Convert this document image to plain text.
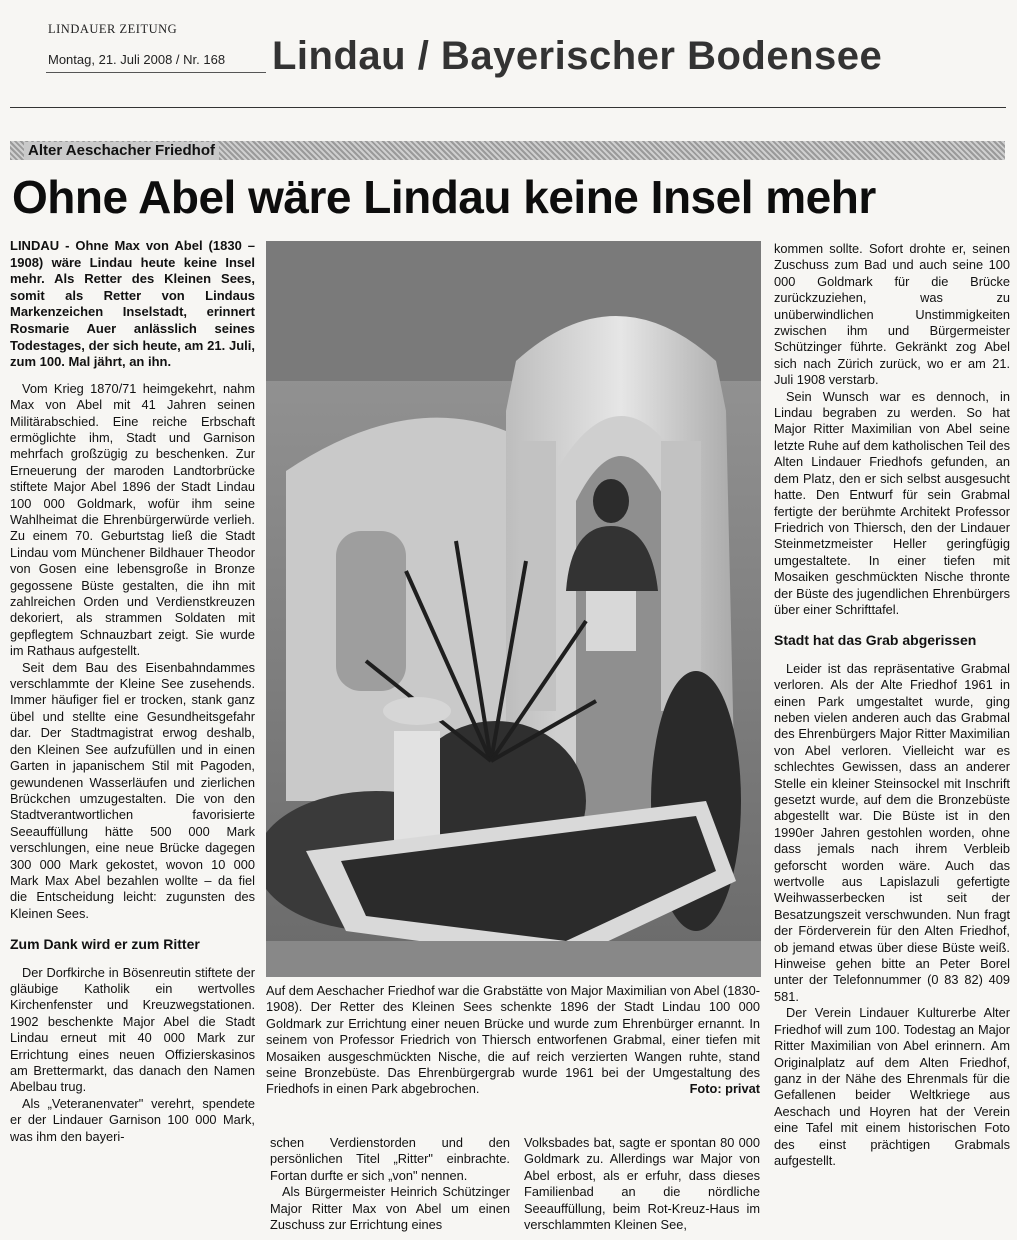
LINDAUER ZEITUNG
Montag, 21. Juli 2008 / Nr. 168 Lindau / Bayerischer Bodensee
Alter Aeschacher Friedhof
Ohne Abel wäre Lindau keine Insel mehr

LINDAU - Ohne Max von Abel (1830 – 1908) wäre Lindau heute keine Insel mehr. Als Retter des Kleinen Sees, somit als Retter von Lindaus Markenzeichen Inselstadt, erinnert Rosmarie Auer anlässlich seines Todestages, der sich heute, am 21. Juli, zum 100. Mal jährt, an ihn.

Vom Krieg 1870/71 heimgekehrt, nahm Max von Abel mit 41 Jahren seinen Militärabschied. Eine reiche Erbschaft ermöglichte ihm, Stadt und Garnison mehrfach großzügig zu beschenken. Zur Erneuerung der maroden Landtorbrücke stiftete Major Abel 1896 der Stadt Lindau 100 000 Goldmark, wofür ihm seine Wahlheimat die Ehrenbürgerwürde verlieh. Zu einem 70. Geburtstag ließ die Stadt Lindau vom Münchener Bildhauer Theodor von Gosen eine lebensgroße in Bronze gegossene Büste gestalten, die ihn mit zahlreichen Orden und Verdienstkreuzen dekoriert, als strammen Soldaten mit gepflegtem Schnauzbart zeigt. Sie wurde im Rathaus aufgestellt.

Seit dem Bau des Eisenbahndammes verschlammte der Kleine See zusehends. Immer häufiger fiel er trocken, stank ganz übel und stellte eine Gesundheitsgefahr dar. Der Stadtmagistrat erwog deshalb, den Kleinen See aufzufüllen und in einen Garten in japanischem Stil mit Pagoden, gewundenen Wasserläufen und zierlichen Brückchen umzugestalten. Die von den Stadtverantwortlichen favorisierte Seeauffüllung hätte 500 000 Mark verschlungen, eine neue Brücke dagegen 300 000 Mark gekostet, wovon 10 000 Mark Max Abel bezahlen wollte – da fiel die Entscheidung leicht: zugunsten des Kleinen Sees.

Zum Dank wird er zum Ritter

Der Dorfkirche in Bösenreutin stiftete der gläubige Katholik ein wertvolles Kirchenfenster und Kreuzwegstationen. 1902 beschenkte Major Abel die Stadt Lindau erneut mit 40 000 Mark zur Errichtung eines neuen Offizierskasinos am Brettermarkt, das danach den Namen Abelbau trug.

Als „Veteranenvater" verehrt, spendete er der Lindauer Garnison 100 000 Mark, was ihm den bayeri-

Auf dem Aeschacher Friedhof war die Grabstätte von Major Maximilian von Abel (1830-1908). Der Retter des Kleinen Sees schenkte 1896 der Stadt Lindau 100 000 Goldmark zur Errichtung einer neuen Brücke und wurde zum Ehrenbürger ernannt. In seinem von Professor Friedrich von Thiersch entworfenen Grabmal, einer tiefen mit Mosaiken ausgeschmückten Nische, die auf reich verzierten Wangen ruhte, stand seine Bronzebüste. Das Ehrenbürgergrab wurde 1961 bei der Umgestaltung des Friedhofs in einen Park abgebrochen.	Foto: privat

schen Verdienstorden und den persönlichen Titel „Ritter" einbrachte. Fortan durfte er sich „von" nennen.

Als Bürgermeister Heinrich Schützinger Major Ritter Max von Abel um einen Zuschuss zur Errichtung eines

Volksbades bat, sagte er spontan 80 000 Goldmark zu. Allerdings war Major von Abel erbost, als er erfuhr, dass dieses Familienbad an die nördliche Seeauffüllung, beim Rot-Kreuz-Haus im verschlammten Kleinen See,

kommen sollte. Sofort drohte er, seinen Zuschuss zum Bad und auch seine 100 000 Goldmark für die Brücke zurückzuziehen, was zu unüberwindlichen Unstimmigkeiten zwischen ihm und Bürgermeister Schützinger führte. Gekränkt zog Abel sich nach Zürich zurück, wo er am 21. Juli 1908 verstarb.

Sein Wunsch war es dennoch, in Lindau begraben zu werden. So hat Major Ritter Maximilian von Abel seine letzte Ruhe auf dem katholischen Teil des Alten Lindauer Friedhofs gefunden, an dem Platz, den er sich selbst ausgesucht hatte. Den Entwurf für sein Grabmal fertigte der berühmte Architekt Professor Friedrich von Thiersch, den der Lindauer Steinmetzmeister Heller geringfügig umgestaltete. In einer tiefen mit Mosaiken geschmückten Nische thronte der Büste des jugendlichen Ehrenbürgers über einer Schrifttafel.

Stadt hat das Grab abgerissen

Leider ist das repräsentative Grabmal verloren. Als der Alte Friedhof 1961 in einen Park umgestaltet wurde, ging neben vielen anderen auch das Grabmal des Ehrenbürgers Major Ritter Maximilian von Abel verloren. Vielleicht war es schlechtes Gewissen, dass an anderer Stelle ein kleiner Steinsockel mit Inschrift gesetzt wurde, auf dem die Bronzebüste abgestellt war. Die Büste ist in den 1990er Jahren gestohlen worden, ohne dass jemals nach ihrem Verbleib geforscht worden wäre. Auch das wertvolle aus Lapislazuli gefertigte Weihwasserbecken ist seit der Besatzungszeit verschwunden. Nun fragt der Förderverein für den Alten Friedhof, ob jemand etwas über diese Büste weiß. Hinweise gehen bitte an Peter Borel unter der Telefonnummer (0 83 82) 409 581.

Der Verein Lindauer Kulturerbe Alter Friedhof will zum 100. Todestag an Major Ritter Maximilian von Abel erinnern. Am Originalplatz auf dem Alten Friedhof, ganz in der Nähe des Ehrenmals für die Gefallenen beider Weltkriege aus Aeschach und Hoyren hat der Verein eine Tafel mit einem historischen Foto des einst prächtigen Grabmals aufgestellt.
